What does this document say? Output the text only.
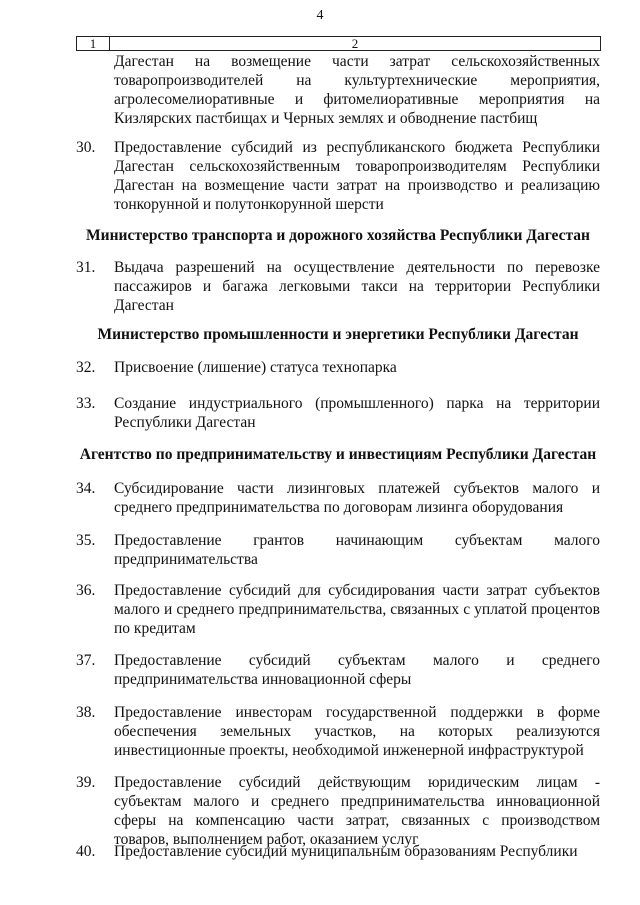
4
1	2
Дагестан на возмещение части затрат сельскохозяйственных товаропроизводителей на культуртехнические мероприятия, агролесомелиоративные и фитомелиоративные мероприятия на Кизлярских пастбищах и Черных землях и обводнение пастбищ
30.	Предоставление субсидий из республиканского бюджета Республики Дагестан сельскохозяйственным товаропроизводителям Республики Дагестан на возмещение части затрат на производство и реализацию тонкорунной и полутонкорунной шерсти
Министерство транспорта и дорожного хозяйства Республики Дагестан
31.	Выдача разрешений на осуществление деятельности по перевозке пассажиров и багажа легковыми такси на территории Республики Дагестан
Министерство промышленности и энергетики Республики Дагестан
32.	Присвоение (лишение) статуса технопарка
33.	Создание индустриального (промышленного) парка на территории Республики Дагестан
Агентство по предпринимательству и инвестициям Республики Дагестан
34.	Субсидирование части лизинговых платежей субъектов малого и среднего предпринимательства по договорам лизинга оборудования
35.	Предоставление грантов начинающим субъектам малого предпринимательства
36.	Предоставление субсидий для субсидирования части затрат субъектов малого и среднего предпринимательства, связанных с уплатой процентов по кредитам
37.	Предоставление субсидий субъектам малого и среднего предпринимательства инновационной сферы
38.	Предоставление инвесторам государственной поддержки в форме обеспечения земельных участков, на которых реализуются инвестиционные проекты, необходимой инженерной инфраструктурой
39.	Предоставление субсидий действующим юридическим лицам - субъектам малого и среднего предпринимательства инновационной сферы на компенсацию части затрат, связанных с производством товаров, выполнением работ, оказанием услуг
40.	Предоставление субсидий муниципальным образованиям Республики
